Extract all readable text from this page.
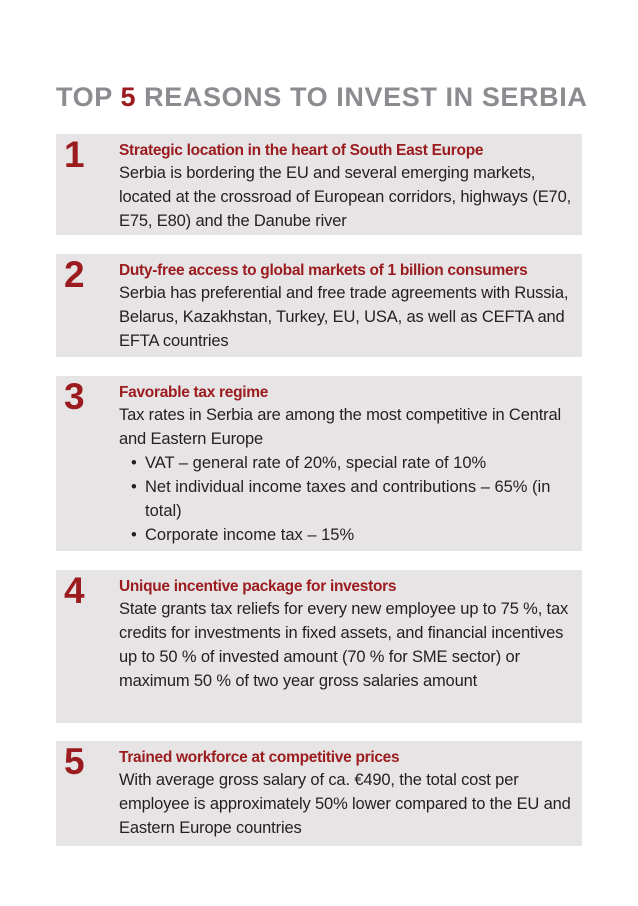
TOP 5 REASONS TO INVEST IN SERBIA
1 Strategic location in the heart of South East Europe
Serbia is bordering the EU and several emerging markets, located at the crossroad of European corridors, highways (E70, E75, E80) and the Danube river
2 Duty-free access to global markets of 1 billion consumers
Serbia has preferential and free trade agreements with Russia, Belarus, Kazakhstan, Turkey, EU, USA, as well as CEFTA and EFTA countries
3 Favorable tax regime
Tax rates in Serbia are among the most competitive in Central and Eastern Europe
• VAT – general rate of 20%, special rate of 10%
• Net individual income taxes and contributions – 65% (in total)
• Corporate income tax – 15%
4 Unique incentive package for investors
State grants tax reliefs for every new employee up to 75 %, tax credits for investments in fixed assets, and financial incentives up to 50 % of invested amount (70 % for SME sector) or maximum 50 % of two year gross salaries amount
5 Trained workforce at competitive prices
With average gross salary of ca. €490, the total cost per employee is approximately 50% lower compared to the EU and Eastern Europe countries
